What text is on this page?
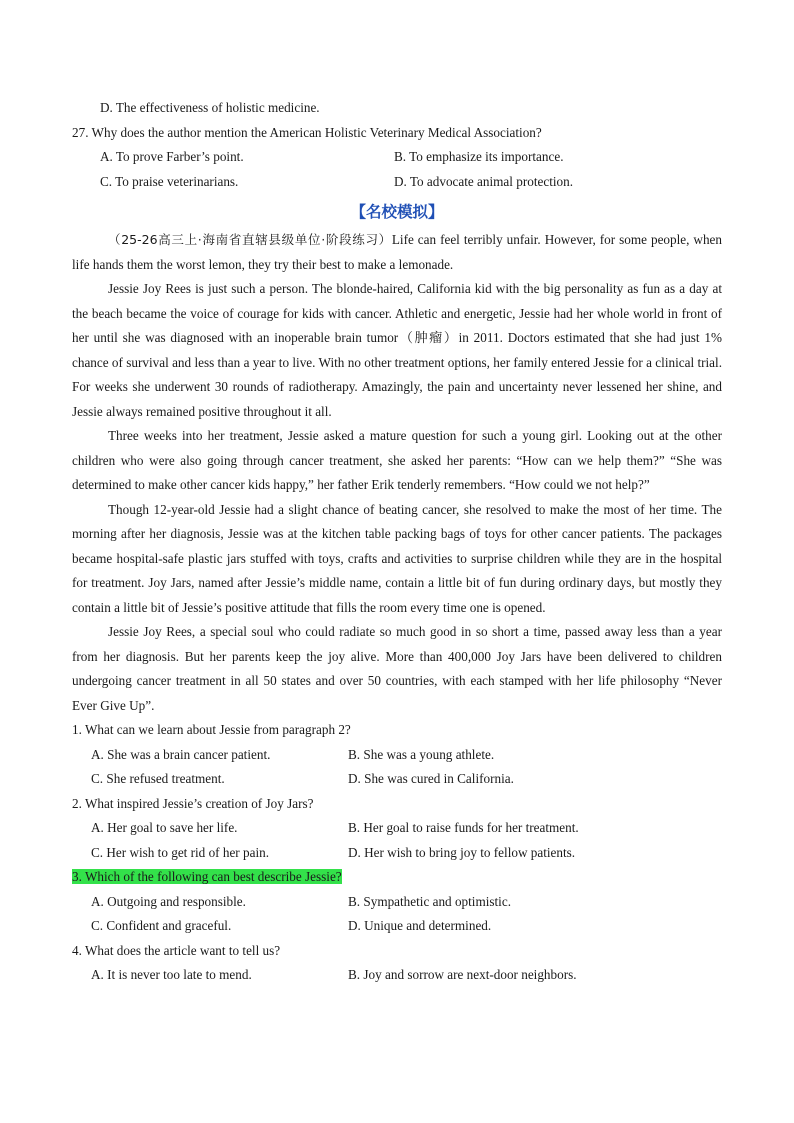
D. The effectiveness of holistic medicine.
27. Why does the author mention the American Holistic Veterinary Medical Association?
A. To prove Farber’s point.	B. To emphasize its importance.
C. To praise veterinarians.	D. To advocate animal protection.
【名校模拟】

（25-26高三上·海南省直辖县级单位·阶段练习）Life can feel terribly unfair. However, for some people, when life hands them the worst lemon, they try their best to make a lemonade.

Jessie Joy Rees is just such a person. The blonde-haired, California kid with the big personality as fun as a day at the beach became the voice of courage for kids with cancer. Athletic and energetic, Jessie had her whole world in front of her until she was diagnosed with an inoperable brain tumor（肿瘤）in 2011. Doctors estimated that she had just 1% chance of survival and less than a year to live. With no other treatment options, her family entered Jessie for a clinical trial. For weeks she underwent 30 rounds of radiotherapy. Amazingly, the pain and uncertainty never lessened her shine, and Jessie always remained positive throughout it all.

Three weeks into her treatment, Jessie asked a mature question for such a young girl. Looking out at the other children who were also going through cancer treatment, she asked her parents: “How can we help them?” “She was determined to make other cancer kids happy,” her father Erik tenderly remembers. “How could we not help?”

Though 12-year-old Jessie had a slight chance of beating cancer, she resolved to make the most of her time. The morning after her diagnosis, Jessie was at the kitchen table packing bags of toys for other cancer patients. The packages became hospital-safe plastic jars stuffed with toys, crafts and activities to surprise children while they are in the hospital for treatment. Joy Jars, named after Jessie’s middle name, contain a little bit of fun during ordinary days, but mostly they contain a little bit of Jessie’s positive attitude that fills the room every time one is opened.

Jessie Joy Rees, a special soul who could radiate so much good in so short a time, passed away less than a year from her diagnosis. But her parents keep the joy alive. More than 400,000 Joy Jars have been delivered to children undergoing cancer treatment in all 50 states and over 50 countries, with each stamped with her life philosophy “Never Ever Give Up”.

1. What can we learn about Jessie from paragraph 2?
A. She was a brain cancer patient.	B. She was a young athlete.
C. She refused treatment.	D. She was cured in California.
2. What inspired Jessie’s creation of Joy Jars?
A. Her goal to save her life.	B. Her goal to raise funds for her treatment.
C. Her wish to get rid of her pain.	D. Her wish to bring joy to fellow patients.
3. Which of the following can best describe Jessie?
A. Outgoing and responsible.	B. Sympathetic and optimistic.
C. Confident and graceful.	D. Unique and determined.
4. What does the article want to tell us?
A. It is never too late to mend.	B. Joy and sorrow are next-door neighbors.
